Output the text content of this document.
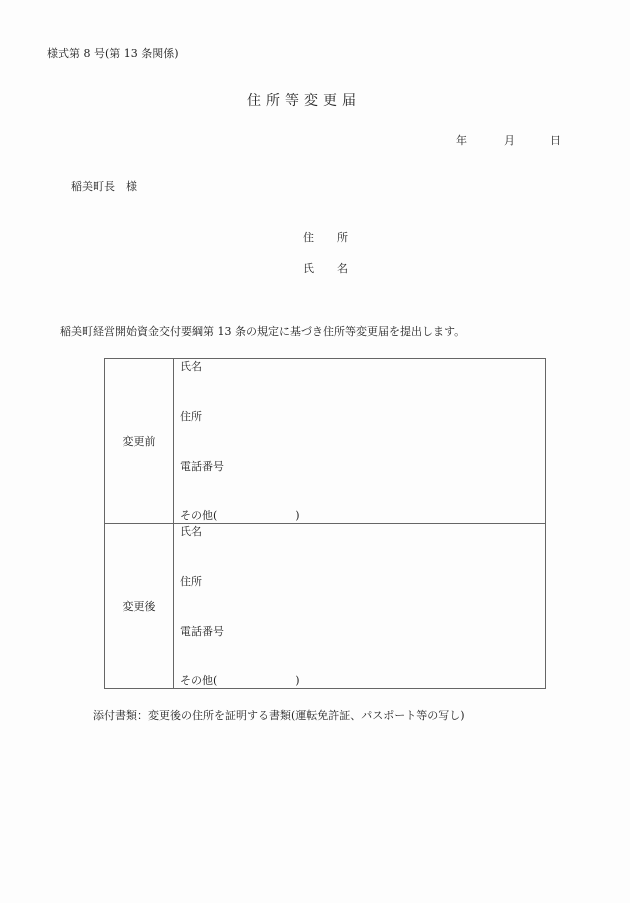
様式第 8 号(第 13 条関係)
住所等変更届
年	月	日
稲美町長　様
住　所
氏　名
稲美町経営開始資金交付要綱第 13 条の規定に基づき住所等変更届を提出します。
変更前	氏名
住所
電話番号
その他( )

変更後	氏名
住所
電話番号
その他( )
添付書類：変更後の住所を証明する書類(運転免許証、パスポート等の写し)
